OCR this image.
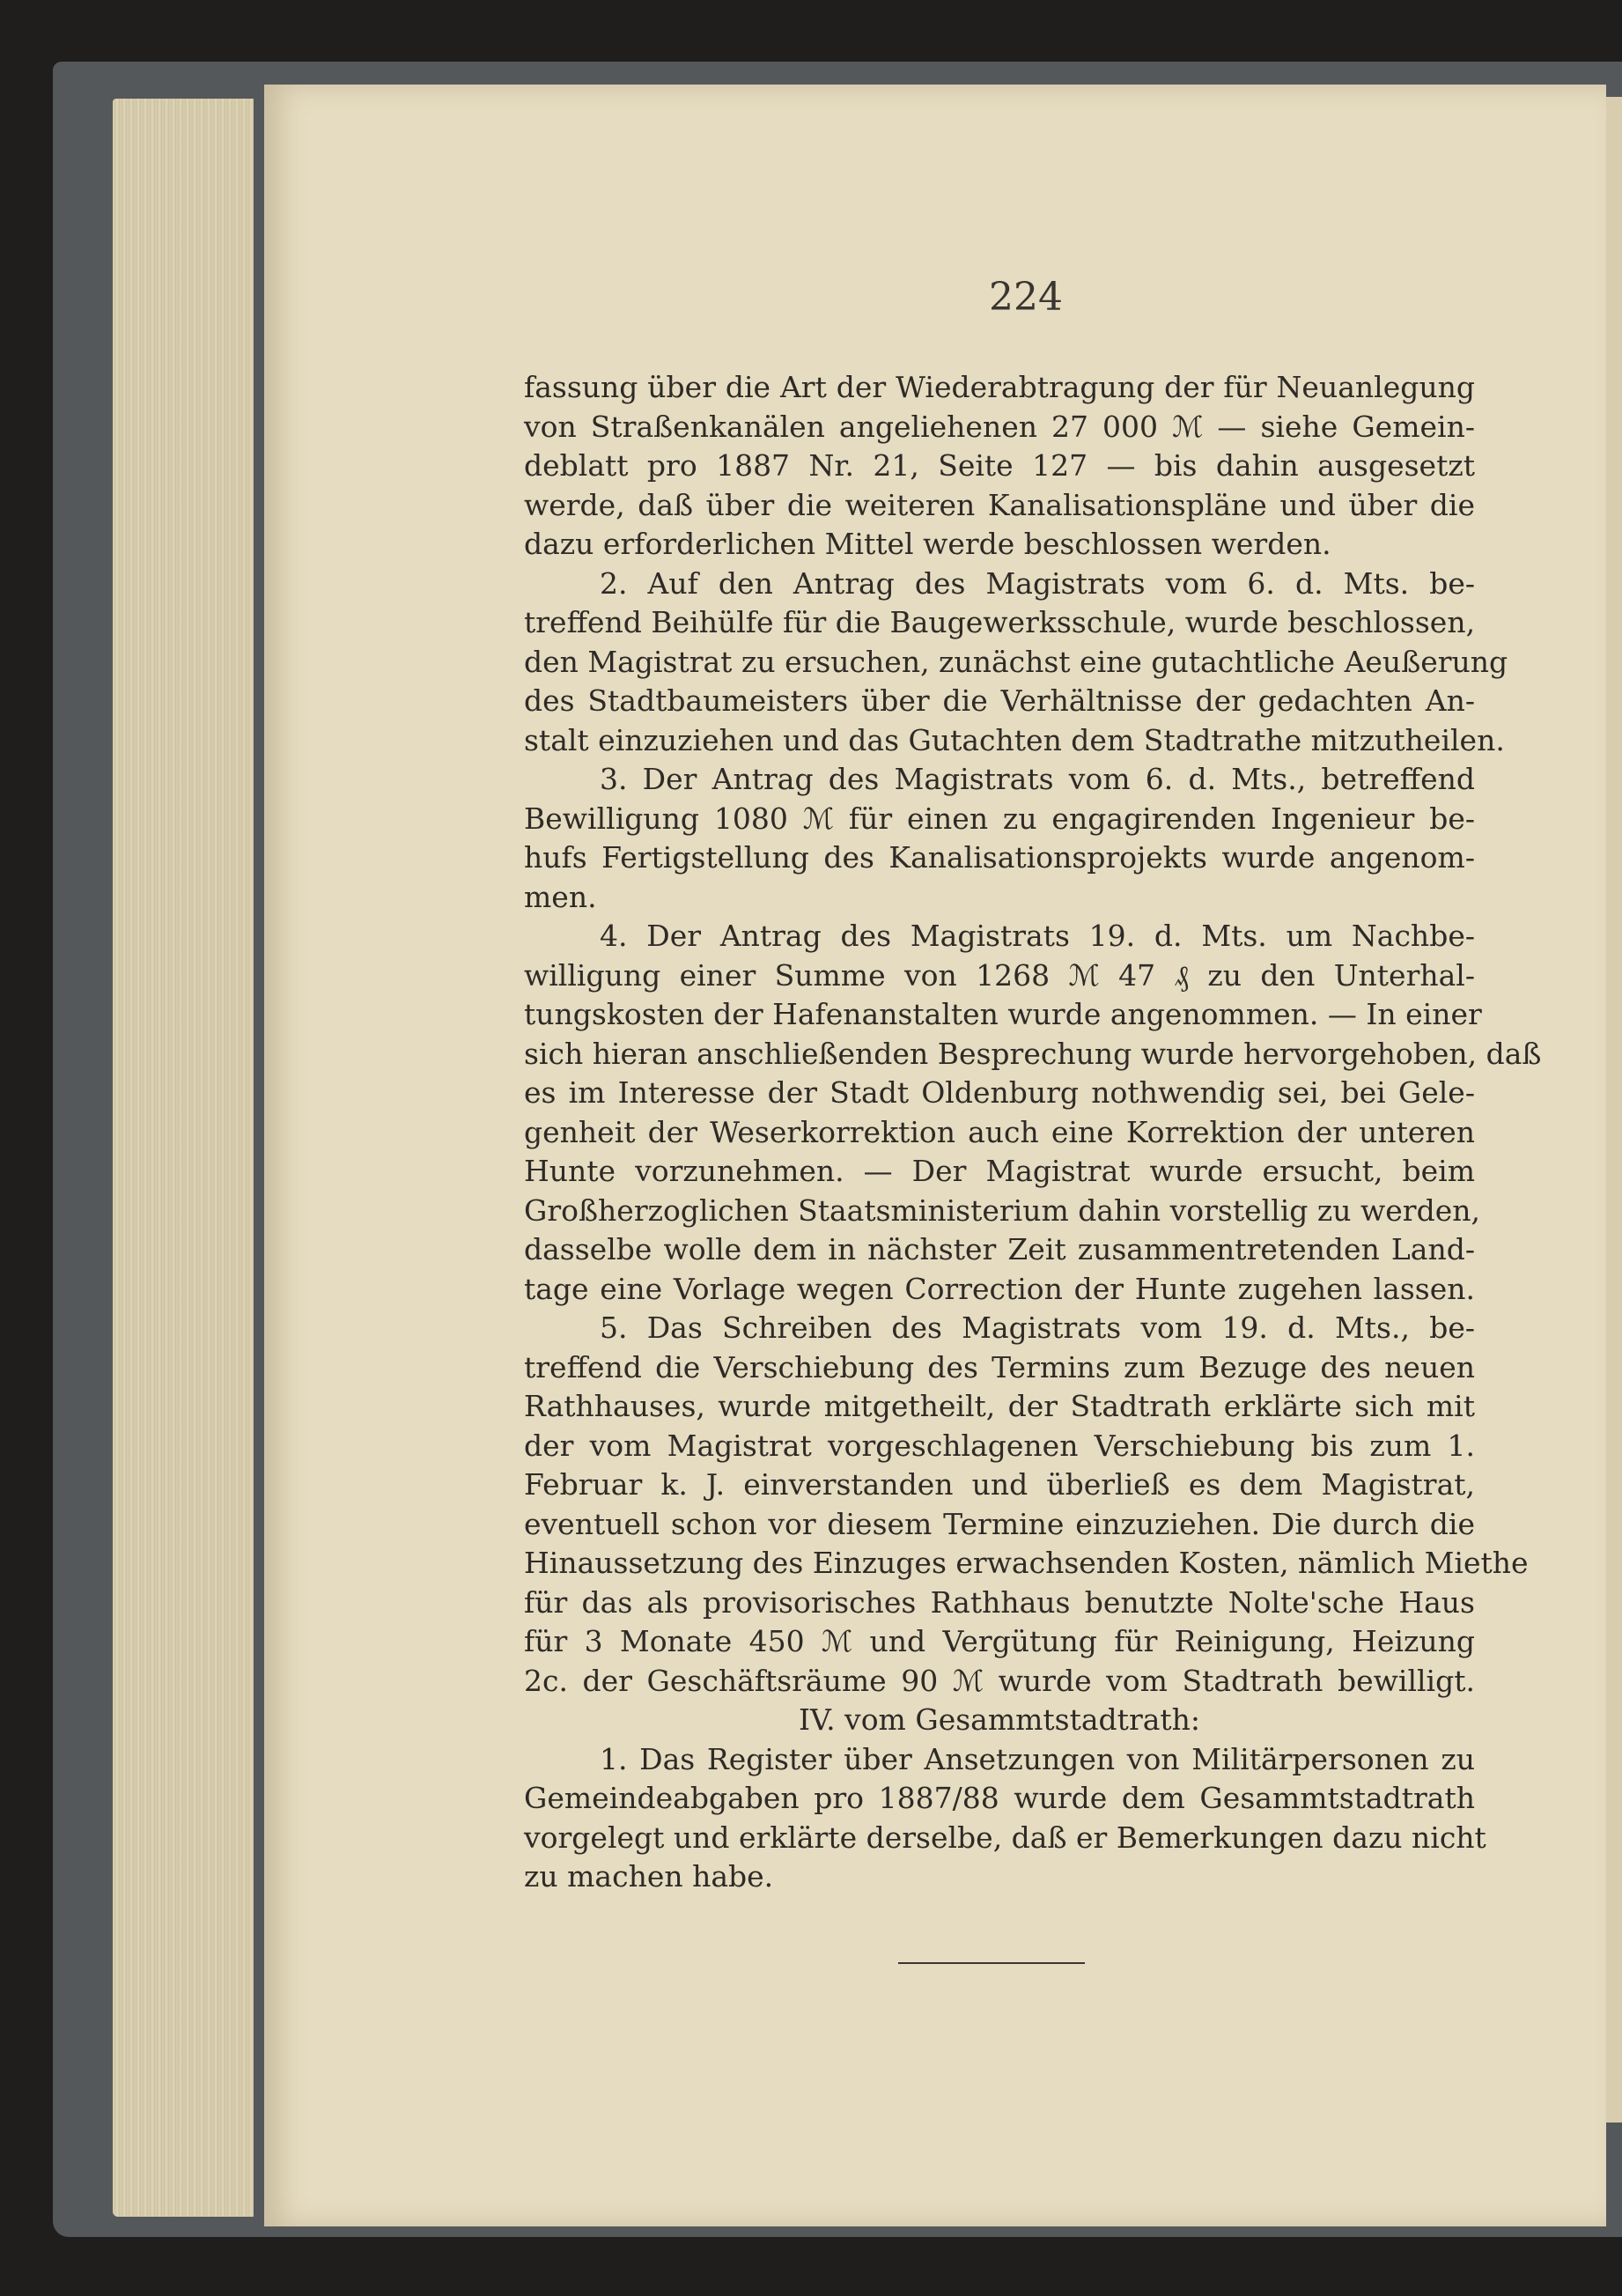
224
fassung über die Art der Wiederabtragung der für Neuanlegung
von Straßenkanälen angeliehenen 27 000 ℳ — siehe Gemein-
deblatt pro 1887 Nr. 21, Seite 127 — bis dahin ausgesetzt
werde, daß über die weiteren Kanalisationspläne und über die
dazu erforderlichen Mittel werde beschlossen werden.
2. Auf den Antrag des Magistrats vom 6. d. Mts. be-
treffend Beihülfe für die Baugewerksschule, wurde beschlossen,
den Magistrat zu ersuchen, zunächst eine gutachtliche Aeußerung
des Stadtbaumeisters über die Verhältnisse der gedachten An-
stalt einzuziehen und das Gutachten dem Stadtrathe mitzutheilen.
3. Der Antrag des Magistrats vom 6. d. Mts., betreffend
Bewilligung 1080 ℳ für einen zu engagirenden Ingenieur be-
hufs Fertigstellung des Kanalisationsprojekts wurde angenom-
men.
4. Der Antrag des Magistrats 19. d. Mts. um Nachbe-
willigung einer Summe von 1268 ℳ 47 ₰ zu den Unterhal-
tungskosten der Hafenanstalten wurde angenommen. — In einer
sich hieran anschließenden Besprechung wurde hervorgehoben, daß
es im Interesse der Stadt Oldenburg nothwendig sei, bei Gele-
genheit der Weserkorrektion auch eine Korrektion der unteren
Hunte vorzunehmen. — Der Magistrat wurde ersucht, beim
Großherzoglichen Staatsministerium dahin vorstellig zu werden,
dasselbe wolle dem in nächster Zeit zusammentretenden Land-
tage eine Vorlage wegen Correction der Hunte zugehen lassen.
5. Das Schreiben des Magistrats vom 19. d. Mts., be-
treffend die Verschiebung des Termins zum Bezuge des neuen
Rathhauses, wurde mitgetheilt, der Stadtrath erklärte sich mit
der vom Magistrat vorgeschlagenen Verschiebung bis zum 1.
Februar k. J. einverstanden und überließ es dem Magistrat,
eventuell schon vor diesem Termine einzuziehen. Die durch die
Hinaussetzung des Einzuges erwachsenden Kosten, nämlich Miethe
für das als provisorisches Rathhaus benutzte Nolte'sche Haus
für 3 Monate 450 ℳ und Vergütung für Reinigung, Heizung
2c. der Geschäftsräume 90 ℳ wurde vom Stadtrath bewilligt.
IV. vom Gesammtstadtrath:
1. Das Register über Ansetzungen von Militärpersonen zu
Gemeindeabgaben pro 1887/88 wurde dem Gesammtstadtrath
vorgelegt und erklärte derselbe, daß er Bemerkungen dazu nicht
zu machen habe.
